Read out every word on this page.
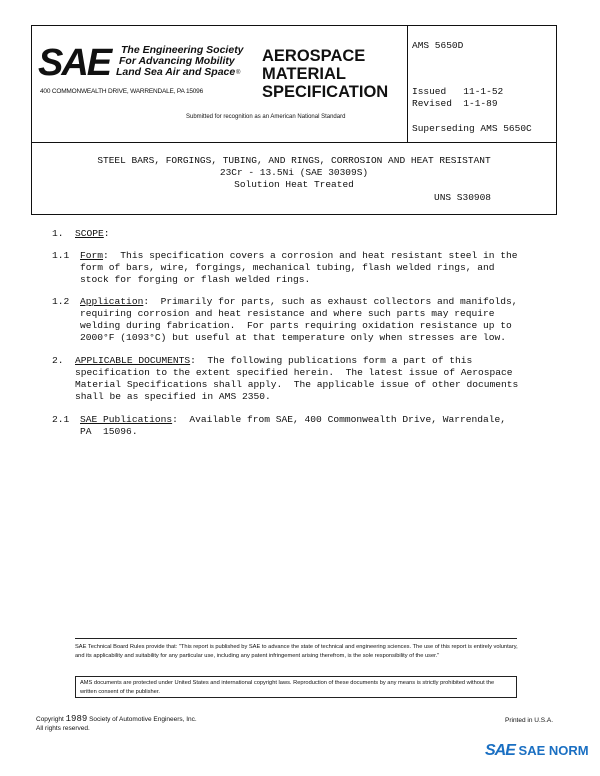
SAE The Engineering Society
For Advancing Mobility
Land Sea Air and Space ®
400 COMMONWEALTH DRIVE, WARRENDALE, PA 15096
AEROSPACE
MATERIAL
SPECIFICATION
Submitted for recognition as an American National Standard
AMS 5650D
Issued   11-1-52
Revised  1-1-89
Superseding AMS 5650C
STEEL BARS, FORGINGS, TUBING, AND RINGS, CORROSION AND HEAT RESISTANT
23Cr - 13.5Ni (SAE 30309S)
Solution Heat Treated
UNS S30908
1. SCOPE:
1.1 Form:  This specification covers a corrosion and heat resistant steel in the
form of bars, wire, forgings, mechanical tubing, flash welded rings, and
stock for forging or flash welded rings.
1.2 Application:  Primarily for parts, such as exhaust collectors and manifolds,
requiring corrosion and heat resistance and where such parts may require
welding during fabrication.  For parts requiring oxidation resistance up to
2000°F (1093°C) but useful at that temperature only when stresses are low.
2. APPLICABLE DOCUMENTS:  The following publications form a part of this
specification to the extent specified herein.  The latest issue of Aerospace
Material Specifications shall apply.  The applicable issue of other documents
shall be as specified in AMS 2350.
2.1 SAE Publications:  Available from SAE, 400 Commonwealth Drive, Warrendale,
PA  15096.
SAE Technical Board Rules provide that: "This report is published by SAE to advance the state of technical and engineering sciences. The use of this report is entirely voluntary, and its applicability and suitability for any particular use, including any patent infringement arising therefrom, is the sole responsibility of the user."
AMS documents are protected under United States and international copyright laws. Reproduction of these documents by any means is strictly prohibited without the written consent of the publisher.
Copyright 1989 Society of Automotive Engineers, Inc.
All rights reserved.
Printed in U.S.A.
SAE SAE NORM
